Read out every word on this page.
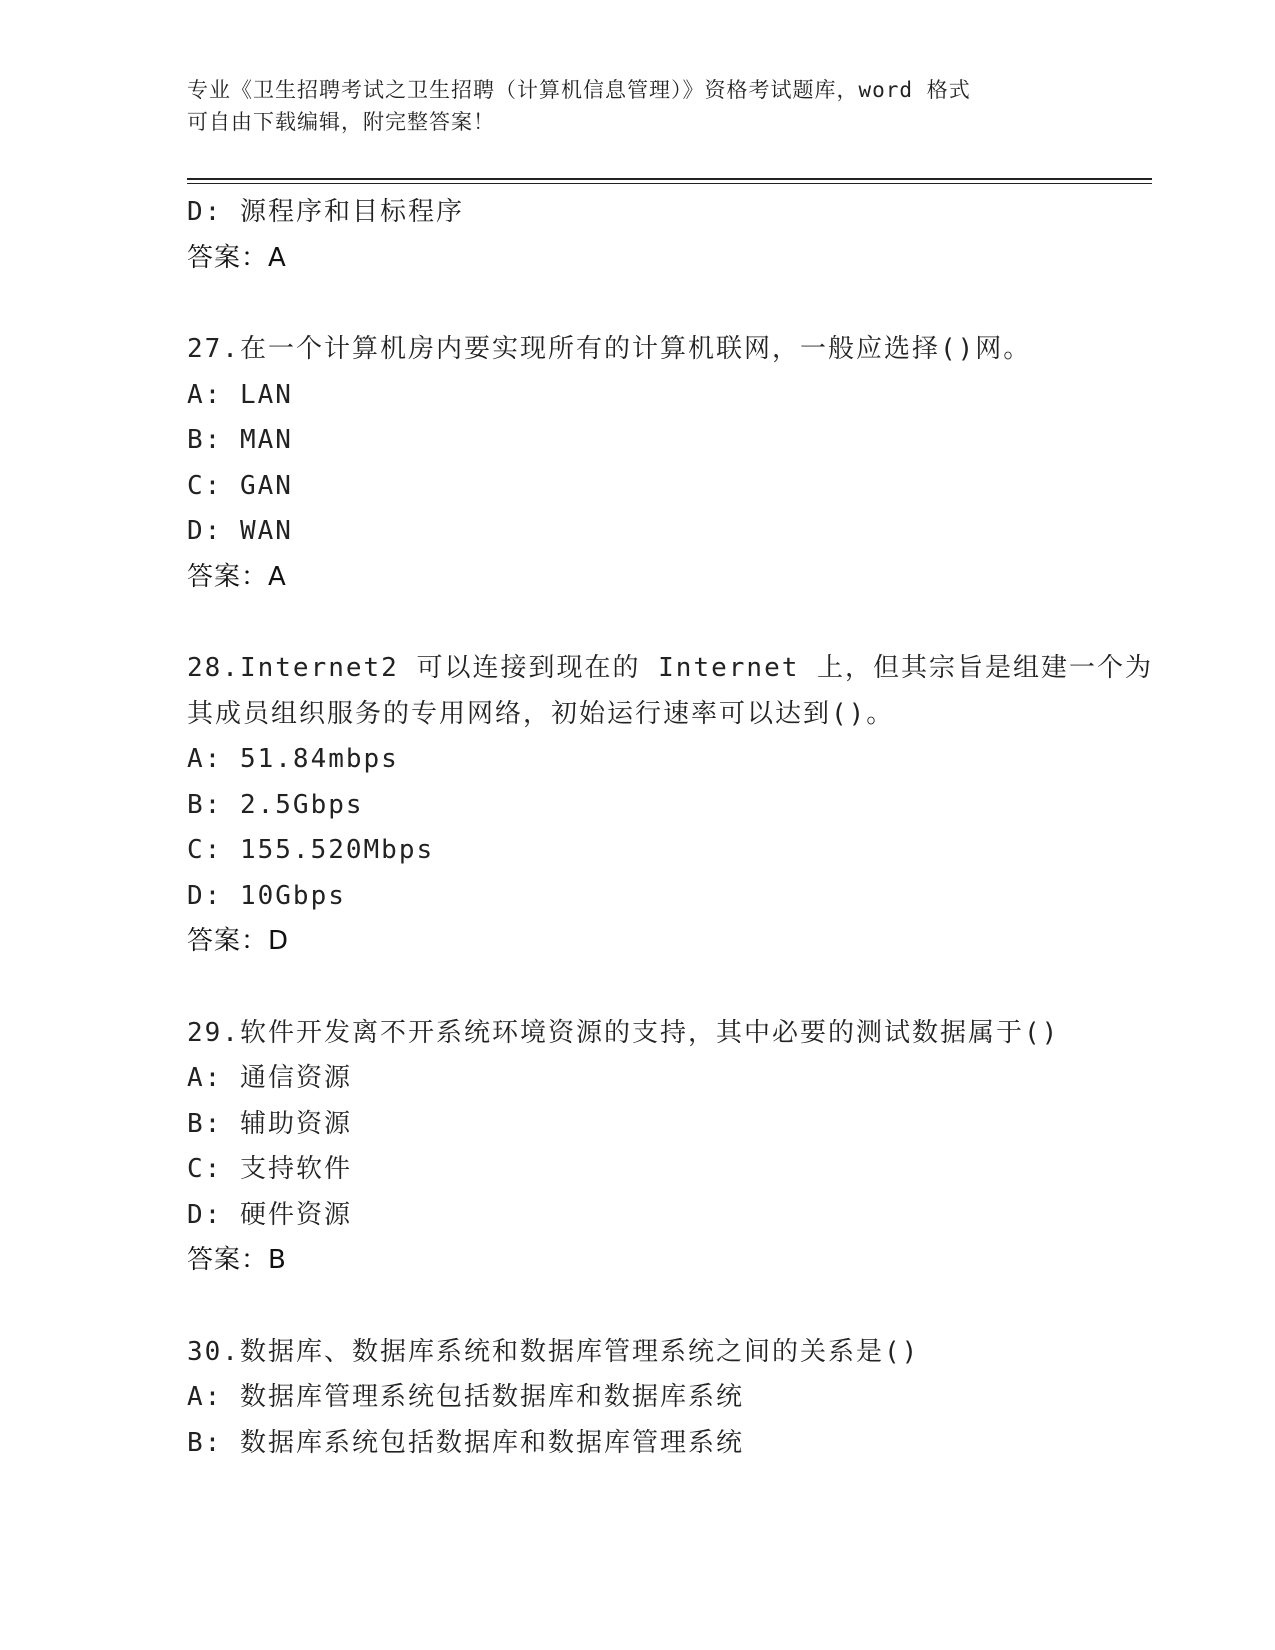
专业《卫生招聘考试之卫生招聘（计算机信息管理）》资格考试题库，word 格式
可自由下载编辑，附完整答案！
D: 源程序和目标程序
答案：A
27.在一个计算机房内要实现所有的计算机联网，一般应选择()网。
A: LAN
B: MAN
C: GAN
D: WAN
答案：A
28.Internet2 可以连接到现在的 Internet 上，但其宗旨是组建一个为
其成员组织服务的专用网络，初始运行速率可以达到()。
A: 51.84mbps
B: 2.5Gbps
C: 155.520Mbps
D: 10Gbps
答案：D
29.软件开发离不开系统环境资源的支持，其中必要的测试数据属于()
A: 通信资源
B: 辅助资源
C: 支持软件
D: 硬件资源
答案：B
30.数据库、数据库系统和数据库管理系统之间的关系是()
A: 数据库管理系统包括数据库和数据库系统
B: 数据库系统包括数据库和数据库管理系统
